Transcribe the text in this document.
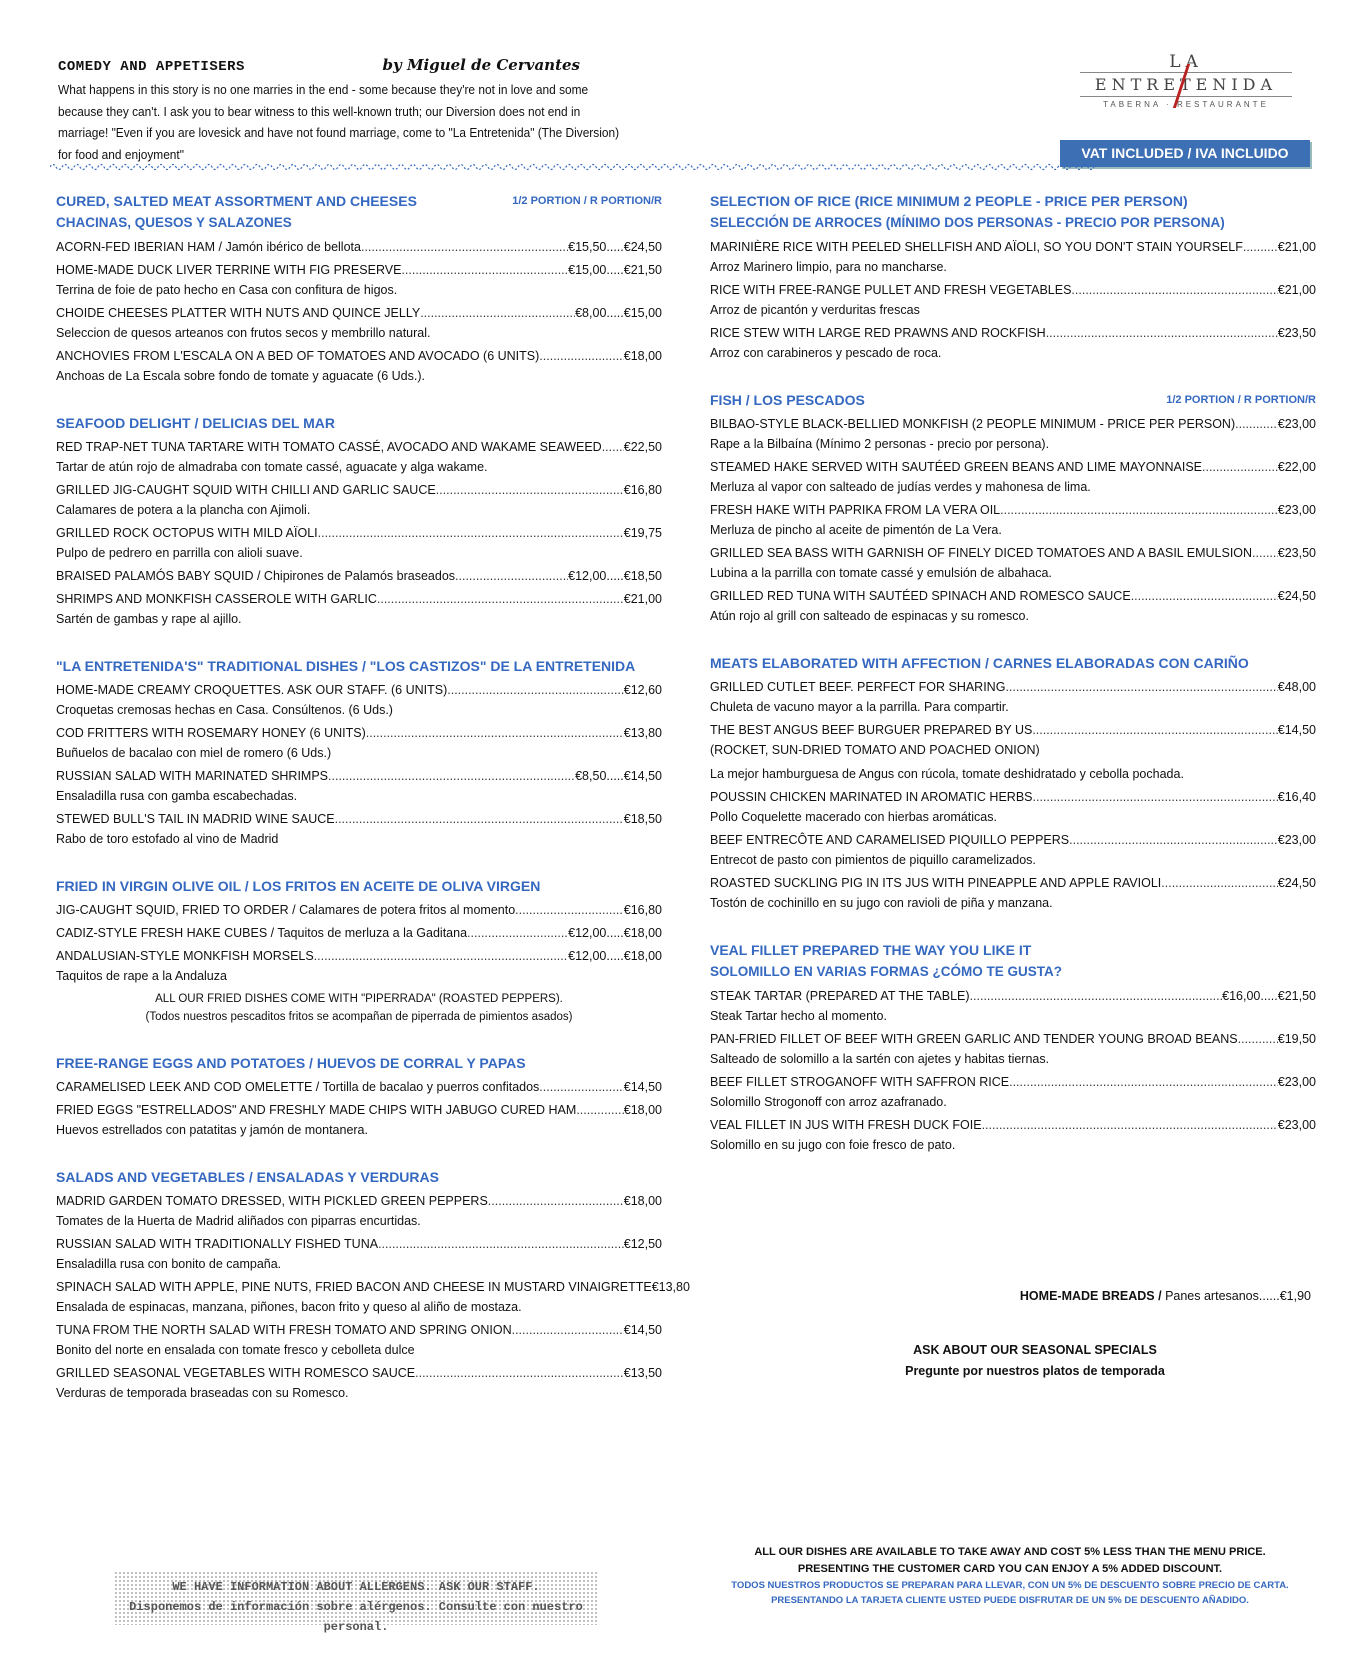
COMEDY AND APPETISERS	by Miguel de Cervantes
What happens in this story is no one marries in the end - some because they're not in love and some because they can't. I ask you to bear witness to this well-known truth; our Diversion does not end in marriage! "Even if you are lovesick and have not found marriage, come to "La Entretenida" (The Diversion) for food and enjoyment"
LA
ENTRETENIDA
TABERNA · RESTAURANTE
VAT INCLUDED / IVA INCLUIDO
CURED, SALTED MEAT ASSORTMENT AND CHEESES	1/2 PORTION / R PORTION/R
CHACINAS, QUESOS Y SALAZONES
ACORN-FED IBERIAN HAM / Jamón ibérico de bellota .....	€15,50.....€24,50
HOME-MADE DUCK LIVER TERRINE WITH FIG PRESERVE .....	€15,00.....€21,50
Terrina de foie de pato hecho en Casa con confitura de higos.
CHOIDE CHEESES PLATTER WITH NUTS AND QUINCE JELLY .....	€8,00.....€15,00
Seleccion de quesos arteanos con frutos secos y membrillo natural.
ANCHOVIES FROM L'ESCALA ON A BED OF TOMATOES AND AVOCADO (6 UNITS) .....	€18,00
Anchoas de La Escala sobre fondo de tomate y aguacate (6 Uds.).
SEAFOOD DELIGHT / DELICIAS DEL MAR
RED TRAP-NET TUNA TARTARE WITH TOMATO CASSÉ, AVOCADO AND WAKAME SEAWEED ..... €22,50
Tartar de atún rojo de almadraba con tomate cassé, aguacate y alga wakame.
GRILLED JIG-CAUGHT SQUID WITH CHILLI AND GARLIC SAUCE .....	€16,80
Calamares de potera a la plancha con Ajimoli.
GRILLED ROCK OCTOPUS WITH MILD AÏOLI .....	€19,75
Pulpo de pedrero en parrilla con alioli suave.
BRAISED PALAMÓS BABY SQUID / Chipirones de Palamós braseados .....	€12,00.....€18,50
SHRIMPS AND MONKFISH CASSEROLE WITH GARLIC .....	€21,00
Sartén de gambas y rape al ajillo.
"LA ENTRETENIDA'S" TRADITIONAL DISHES / "LOS CASTIZOS" DE LA ENTRETENIDA
HOME-MADE CREAMY CROQUETTES. ASK OUR STAFF. (6 UNITS) .....	€12,60
Croquetas cremosas hechas en Casa. Consúltenos. (6 Uds.)
COD FRITTERS WITH ROSEMARY HONEY (6 UNITS) .....	€13,80
Buñuelos de bacalao con miel de romero (6 Uds.)
RUSSIAN SALAD WITH MARINATED SHRIMPS .....	€8,50.....€14,50
Ensaladilla rusa con gamba escabechadas.
STEWED BULL'S TAIL IN MADRID WINE SAUCE .....	€18,50
Rabo de toro estofado al vino de Madrid
FRIED IN VIRGIN OLIVE OIL / LOS FRITOS EN ACEITE DE OLIVA VIRGEN
JIG-CAUGHT SQUID, FRIED TO ORDER / Calamares de potera fritos al momento .....	€16,80
CADIZ-STYLE FRESH HAKE CUBES / Taquitos de merluza a la Gaditana .....	€12,00.....€18,00
ANDALUSIAN-STYLE MONKFISH MORSELS .....	€12,00.....€18,00
Taquitos de rape a la Andaluza
ALL OUR FRIED DISHES COME WITH "PIPERRADA" (ROASTED PEPPERS).
(Todos nuestros pescaditos fritos se acompañan de piperrada de pimientos asados)
FREE-RANGE EGGS AND POTATOES / HUEVOS DE CORRAL Y PAPAS
CARAMELISED LEEK AND COD OMELETTE / Tortilla de bacalao y puerros confitados .....	€14,50
FRIED EGGS "ESTRELLADOS" AND FRESHLY MADE CHIPS WITH JABUGO CURED HAM .....	€18,00
Huevos estrellados con patatitas y jamón de montanera.
SALADS AND VEGETABLES / ENSALADAS Y VERDURAS
MADRID GARDEN TOMATO DRESSED, WITH PICKLED GREEN PEPPERS .....	€18,00
Tomates de la Huerta de Madrid aliñados con piparras encurtidas.
RUSSIAN SALAD WITH TRADITIONALLY FISHED TUNA .....	€12,50
Ensaladilla rusa con bonito de campaña.
SPINACH SALAD WITH APPLE, PINE NUTS, FRIED BACON AND CHEESE IN MUSTARD VINAIGRETTE €13,80
Ensalada de espinacas, manzana, piñones, bacon frito y queso al aliño de mostaza.
TUNA FROM THE NORTH SALAD WITH FRESH TOMATO AND SPRING ONION .....	€14,50
Bonito del norte en ensalada con tomate fresco y cebolleta dulce
GRILLED SEASONAL VEGETABLES WITH ROMESCO SAUCE .....	€13,50
Verduras de temporada braseadas con su Romesco.
SELECTION OF RICE (RICE MINIMUM 2 PEOPLE - PRICE PER PERSON)
SELECCIÓN DE ARROCES (MÍNIMO DOS PERSONAS - PRECIO POR PERSONA)
MARINIÈRE RICE WITH PEELED SHELLFISH AND AÏOLI, SO YOU DON'T STAIN YOURSELF .....	€21,00
Arroz Marinero limpio, para no mancharse.
RICE WITH FREE-RANGE PULLET AND FRESH VEGETABLES .....	€21,00
Arroz de picantón y verduritas frescas
RICE STEW WITH LARGE RED PRAWNS AND ROCKFISH .....	€23,50
Arroz con carabineros y pescado de roca.
FISH / LOS PESCADOS	1/2 PORTION / R PORTION/R
BILBAO-STYLE BLACK-BELLIED MONKFISH (2 PEOPLE MINIMUM - PRICE PER PERSON) .....	€23,00
Rape a la Bilbaína (Mínimo 2 personas - precio por persona).
STEAMED HAKE SERVED WITH SAUTÉED GREEN BEANS AND LIME MAYONNAISE .....	€22,00
Merluza al vapor con salteado de judías verdes y mahonesa de lima.
FRESH HAKE WITH PAPRIKA FROM LA VERA OIL .....	€23,00
Merluza de pincho al aceite de pimentón de La Vera.
GRILLED SEA BASS WITH GARNISH OF FINELY DICED TOMATOES AND A BASIL EMULSION ..... €23,50
Lubina a la parrilla con tomate cassé y emulsión de albahaca.
GRILLED RED TUNA WITH SAUTÉED SPINACH AND ROMESCO SAUCE .....	€24,50
Atún rojo al grill con salteado de espinacas y su romesco.
MEATS ELABORATED WITH AFFECTION / CARNES ELABORADAS CON CARIÑO
GRILLED CUTLET BEEF. PERFECT FOR SHARING .....	€48,00
Chuleta de vacuno mayor a la parrilla. Para compartir.
THE BEST ANGUS BEEF BURGUER PREPARED BY US .....	€14,50
(ROCKET, SUN-DRIED TOMATO AND POACHED ONION)
La mejor hamburguesa de Angus con rúcola, tomate deshidratado y cebolla pochada.
POUSSIN CHICKEN MARINATED IN AROMATIC HERBS .....	€16,40
Pollo Coquelette macerado con hierbas aromáticas.
BEEF ENTRECÔTE AND CARAMELISED PIQUILLO PEPPERS .....	€23,00
Entrecot de pasto con pimientos de piquillo caramelizados.
ROASTED SUCKLING PIG IN ITS JUS WITH PINEAPPLE AND APPLE RAVIOLI .....	€24,50
Tostón de cochinillo en su jugo con ravioli de piña y manzana.
VEAL FILLET PREPARED THE WAY YOU LIKE IT
SOLOMILLO EN VARIAS FORMAS ¿CÓMO TE GUSTA?
STEAK TARTAR (PREPARED AT THE TABLE) .....	€16,00.....€21,50
Steak Tartar hecho al momento.
PAN-FRIED FILLET OF BEEF WITH GREEN GARLIC AND TENDER YOUNG BROAD BEANS .....	€19,50
Salteado de solomillo a la sartén con ajetes y habitas tiernas.
BEEF FILLET STROGANOFF WITH SAFFRON RICE .....	€23,00
Solomillo Strogonoff con arroz azafranado.
VEAL FILLET IN JUS WITH FRESH DUCK FOIE .....	€23,00
Solomillo en su jugo con foie fresco de pato.
HOME-MADE BREADS / Panes artesanos......€1,90
ASK ABOUT OUR SEASONAL SPECIALS
Pregunte por nuestros platos de temporada
WE HAVE INFORMATION ABOUT ALLERGENS. ASK OUR STAFF.
Disponemos de información sobre alérgenos. Consulte con nuestro personal.
ALL OUR DISHES ARE AVAILABLE TO TAKE AWAY AND COST 5% LESS THAN THE MENU PRICE.
PRESENTING THE CUSTOMER CARD YOU CAN ENJOY A 5% ADDED DISCOUNT.
TODOS NUESTROS PRODUCTOS SE PREPARAN PARA LLEVAR, CON UN 5% DE DESCUENTO SOBRE PRECIO DE CARTA.
PRESENTANDO LA TARJETA CLIENTE USTED PUEDE DISFRUTAR DE UN 5% DE DESCUENTO AÑADIDO.
